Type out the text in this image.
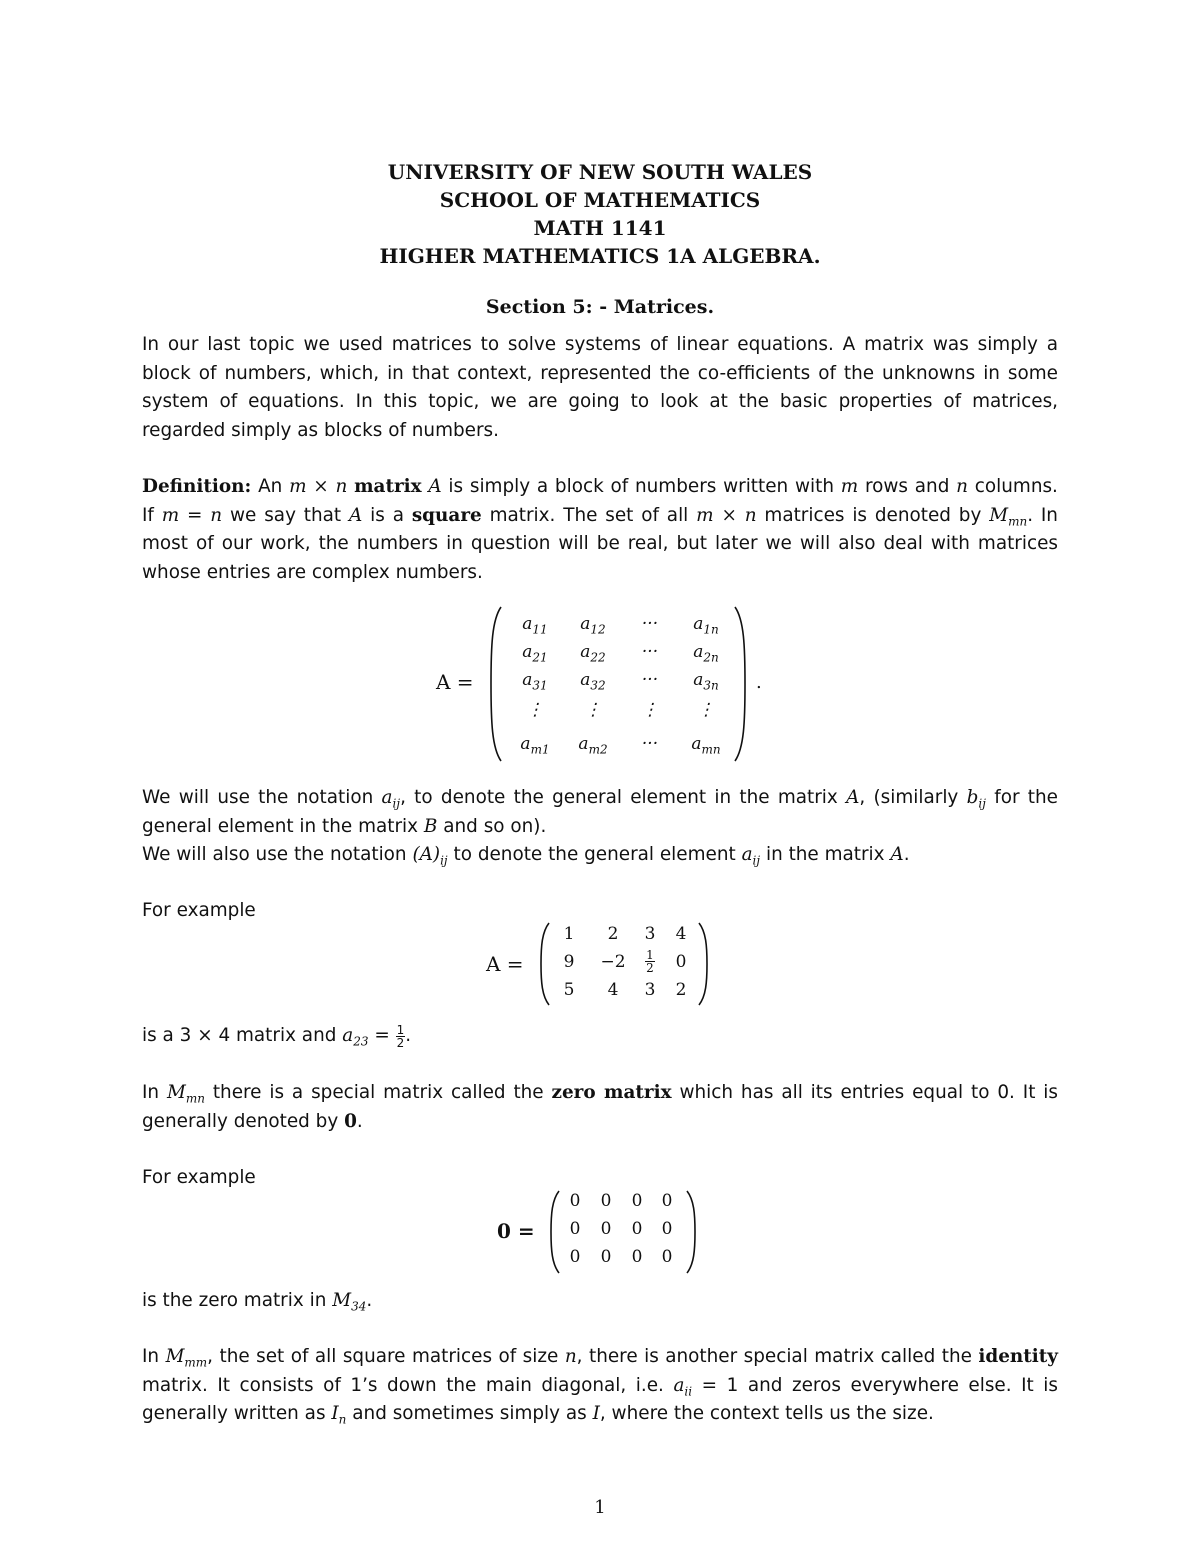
UNIVERSITY OF NEW SOUTH WALES
SCHOOL OF MATHEMATICS
MATH 1141
HIGHER MATHEMATICS 1A ALGEBRA.
Section 5: - Matrices.
In our last topic we used matrices to solve systems of linear equations. A matrix was simply a block of numbers, which, in that context, represented the co-efficients of the unknowns in some system of equations. In this topic, we are going to look at the basic properties of matrices, regarded simply as blocks of numbers.
Definition: An m × n matrix A is simply a block of numbers written with m rows and n columns. If m = n we say that A is a square matrix. The set of all m × n matrices is denoted by $M_{mn}$. In most of our work, the numbers in question will be real, but later we will also deal with matrices whose entries are complex numbers.
A =
$a_{11}$	$a_{12}$	···	$a_{1n}$
$a_{21}$	$a_{22}$	···	$a_{2n}$
$a_{31}$	$a_{32}$	···	$a_{3n}$
⋮	⋮	⋮	⋮
$a_{m1}$	$a_{m2}$	···	$a_{mn}$
.
We will use the notation $a_{ij}$, to denote the general element in the matrix A, (similarly $b_{ij}$ for the general element in the matrix B and so on).
We will also use the notation $(A)_{ij}$ to denote the general element $a_{ij}$ in the matrix A.
For example
A =
1	2	3	4
9	−2	$\frac{1}{2}$	0
5	4	3	2
is a 3 × 4 matrix and $a_{23} = \frac{1}{2}$ .
In $M_{mn}$ there is a special matrix called the zero matrix which has all its entries equal to 0. It is generally denoted by 0.
For example
0 =
0	0	0	0
0	0	0	0
0	0	0	0
is the zero matrix in $M_{34}$.
In $M_{mm}$, the set of all square matrices of size n, there is another special matrix called the identity matrix. It consists of 1’s down the main diagonal, i.e. $a_{ii} = 1$ and zeros everywhere else. It is generally written as $I_n$ and sometimes simply as I, where the context tells us the size.
1
